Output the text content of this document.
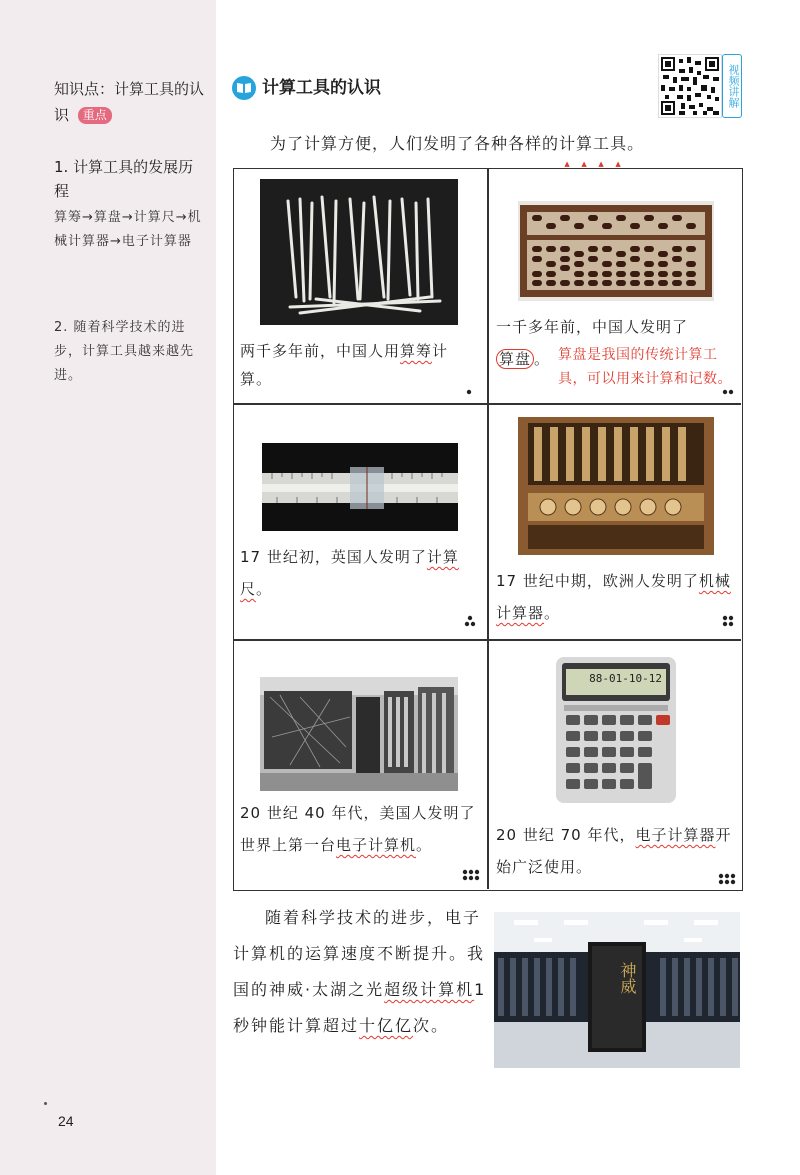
知识点：计算工具的认识 重点
1. 计算工具的发展历程
算筹→算盘→计算尺→机械计算器→电子计算器
2. 随着科学技术的进步，计算工具越来越先进。
24
计算工具的认识	视频讲解
为了计算方便，人们发明了各种各样的计 ▲算 ▲工 ▲具 ▲。
两千多年前，中国人用算筹计算。
一千多年前，中国人发明了
算盘 。 算盘是我国的传统计算工具，可以用来计算和记数。
17 世纪初，英国人发明了计算尺。	17 世纪中期，欧洲人发明了机械计算器。
20 世纪 40 年代，美国人发明了世界上第一台电子计算机。
88-01-10-12
20 世纪 70 年代，电子计算器开始广泛使用。
随着科学技术的进步，电子计算机的运算速度不断提升。我国的神威·太湖之光超级计算机1 秒钟能计算超过十亿亿次。
神威
